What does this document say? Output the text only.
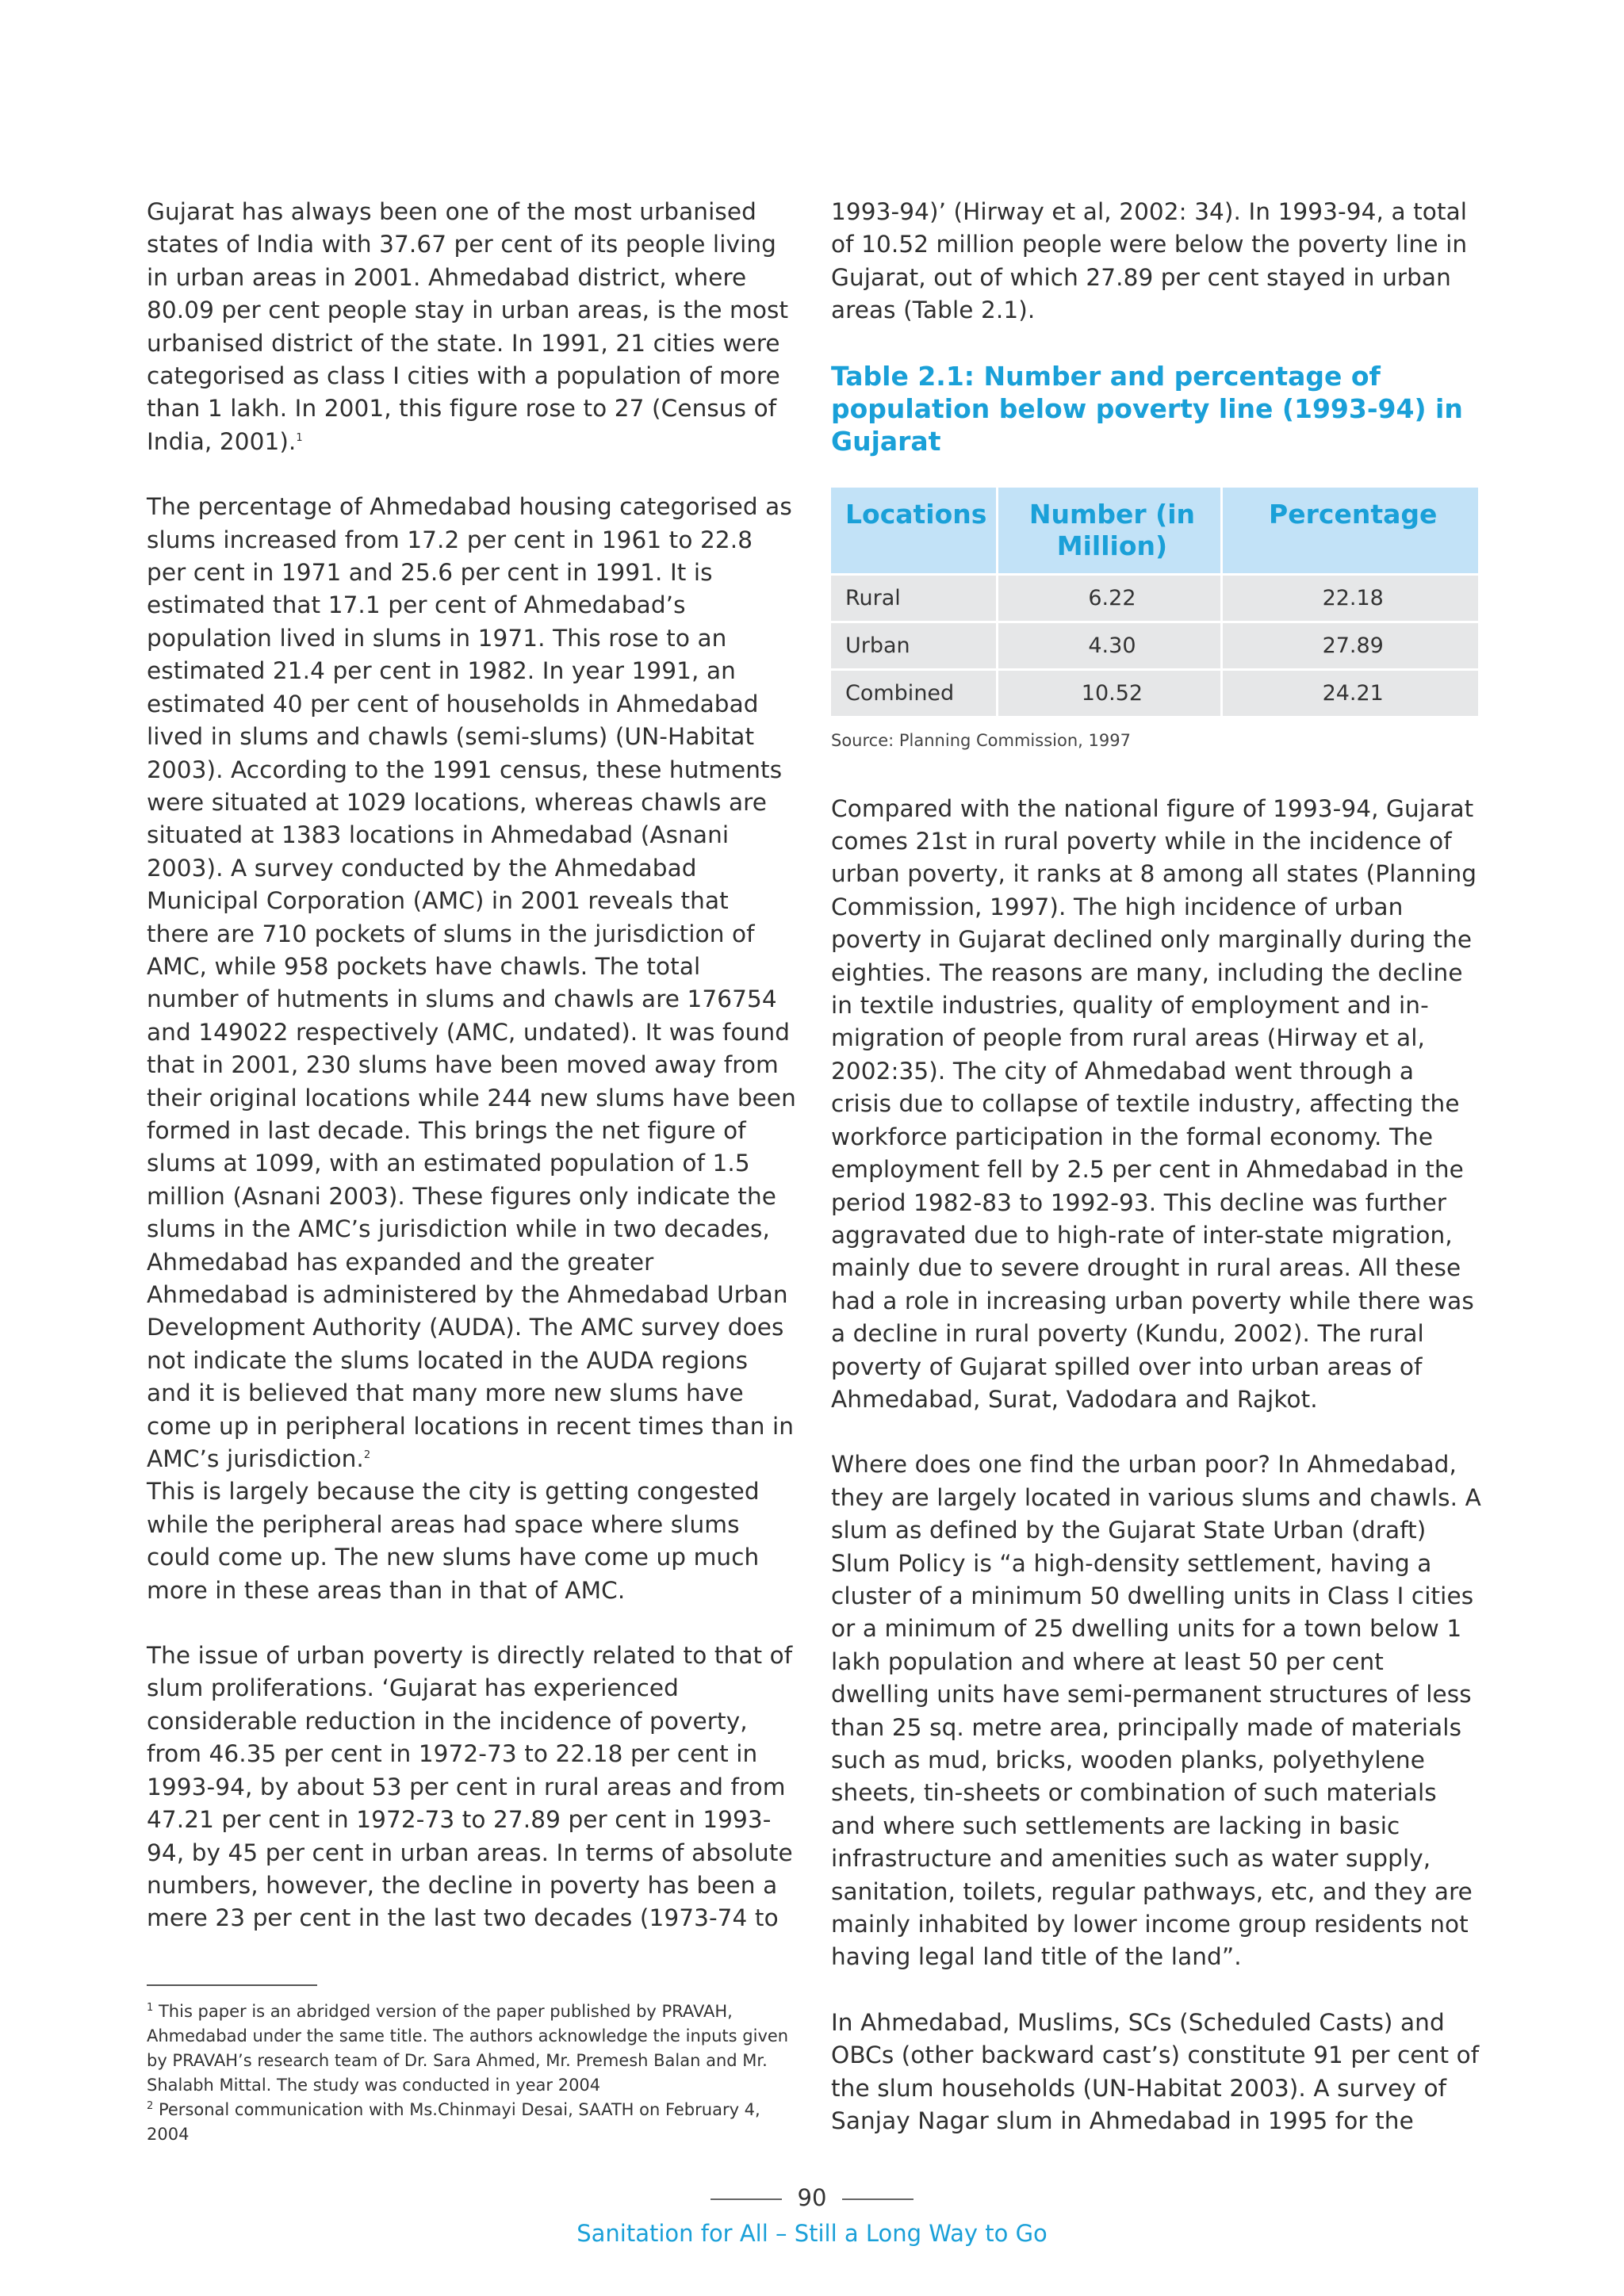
Gujarat has always been one of the most urbanised states of India with 37.67 per cent of its people living in urban areas in 2001. Ahmedabad district, where 80.09 per cent people stay in urban areas, is the most urbanised district of the state. In 1991, 21 cities were categorised as class I cities with a population of more than 1 lakh. In 2001, this figure rose to 27 (Census of India, 2001).$^1$

The percentage of Ahmedabad housing categorised as slums increased from 17.2 per cent in 1961 to 22.8 per cent in 1971 and 25.6 per cent in 1991. It is estimated that 17.1 per cent of Ahmedabad’s population lived in slums in 1971. This rose to an estimated 21.4 per cent in 1982. In year 1991, an estimated 40 per cent of households in Ahmedabad lived in slums and chawls (semi-slums) (UN-Habitat 2003). According to the 1991 census, these hutments were situated at 1029 locations, whereas chawls are situated at 1383 locations in Ahmedabad (Asnani 2003). A survey conducted by the Ahmedabad Municipal Corporation (AMC) in 2001 reveals that there are 710 pockets of slums in the jurisdiction of AMC, while 958 pockets have chawls. The total number of hutments in slums and chawls are 176754 and 149022 respectively (AMC, undated). It was found that in 2001, 230 slums have been moved away from their original locations while 244 new slums have been formed in last decade. This brings the net figure of slums at 1099, with an estimated population of 1.5 million (Asnani 2003). These figures only indicate the slums in the AMC’s jurisdiction while in two decades, Ahmedabad has expanded and the greater Ahmedabad is administered by the Ahmedabad Urban Development Authority (AUDA). The AMC survey does not indicate the slums located in the AUDA regions and it is believed that many more new slums have come up in peripheral locations in recent times than in AMC’s jurisdiction.$^2$

This is largely because the city is getting congested while the peripheral areas had space where slums could come up. The new slums have come up much more in these areas than in that of AMC.

The issue of urban poverty is directly related to that of slum proliferations. ‘Gujarat has experienced considerable reduction in the incidence of poverty, from 46.35 per cent in 1972-73 to 22.18 per cent in 1993-94, by about 53 per cent in rural areas and from 47.21 per cent in 1972-73 to 27.89 per cent in 1993-94, by 45 per cent in urban areas. In terms of absolute numbers, however, the decline in poverty has been a mere 23 per cent in the last two decades (1973-74 to

1993-94)’ (Hirway et al, 2002: 34). In 1993-94, a total of 10.52 million people were below the poverty line in Gujarat, out of which 27.89 per cent stayed in urban areas (Table 2.1).

Table 2.1: Number and percentage of population below poverty line (1993-94) in Gujarat
Locations	Number (in Million)	Percentage
Rural	6.22	22.18
Urban	4.30	27.89
Combined	10.52	24.21
Source: Planning Commission, 1997

Compared with the national figure of 1993-94, Gujarat comes 21st in rural poverty while in the incidence of urban poverty, it ranks at 8 among all states (Planning Commission, 1997). The high incidence of urban poverty in Gujarat declined only marginally during the eighties. The reasons are many, including the decline in textile industries, quality of employment and in-migration of people from rural areas (Hirway et al, 2002:35). The city of Ahmedabad went through a crisis due to collapse of textile industry, affecting the workforce participation in the formal economy. The employment fell by 2.5 per cent in Ahmedabad in the period 1982-83 to 1992-93. This decline was further aggravated due to high-rate of inter-state migration, mainly due to severe drought in rural areas. All these had a role in increasing urban poverty while there was a decline in rural poverty (Kundu, 2002). The rural poverty of Gujarat spilled over into urban areas of Ahmedabad, Surat, Vadodara and Rajkot.

Where does one find the urban poor? In Ahmedabad, they are largely located in various slums and chawls. A slum as defined by the Gujarat State Urban (draft) Slum Policy is “a high-density settlement, having a cluster of a minimum 50 dwelling units in Class I cities or a minimum of 25 dwelling units for a town below 1 lakh population and where at least 50 per cent dwelling units have semi-permanent structures of less than 25 sq. metre area, principally made of materials such as mud, bricks, wooden planks, polyethylene sheets, tin-sheets or combination of such materials and where such settlements are lacking in basic infrastructure and amenities such as water supply, sanitation, toilets, regular pathways, etc, and they are mainly inhabited by lower income group residents not having legal land title of the land”.

In Ahmedabad, Muslims, SCs (Scheduled Casts) and OBCs (other backward cast’s) constitute 91 per cent of the slum households (UN-Habitat 2003). A survey of Sanjay Nagar slum in Ahmedabad in 1995 for the

$^1$ This paper is an abridged version of the paper published by PRAVAH, Ahmedabad under the same title. The authors acknowledge the inputs given by PRAVAH’s research team of Dr. Sara Ahmed, Mr. Premesh Balan and Mr. Shalabh Mittal. The study was conducted in year 2004

$^2$ Personal communication with Ms.Chinmayi Desai, SAATH on February 4, 2004

90
Sanitation for All – Still a Long Way to Go
